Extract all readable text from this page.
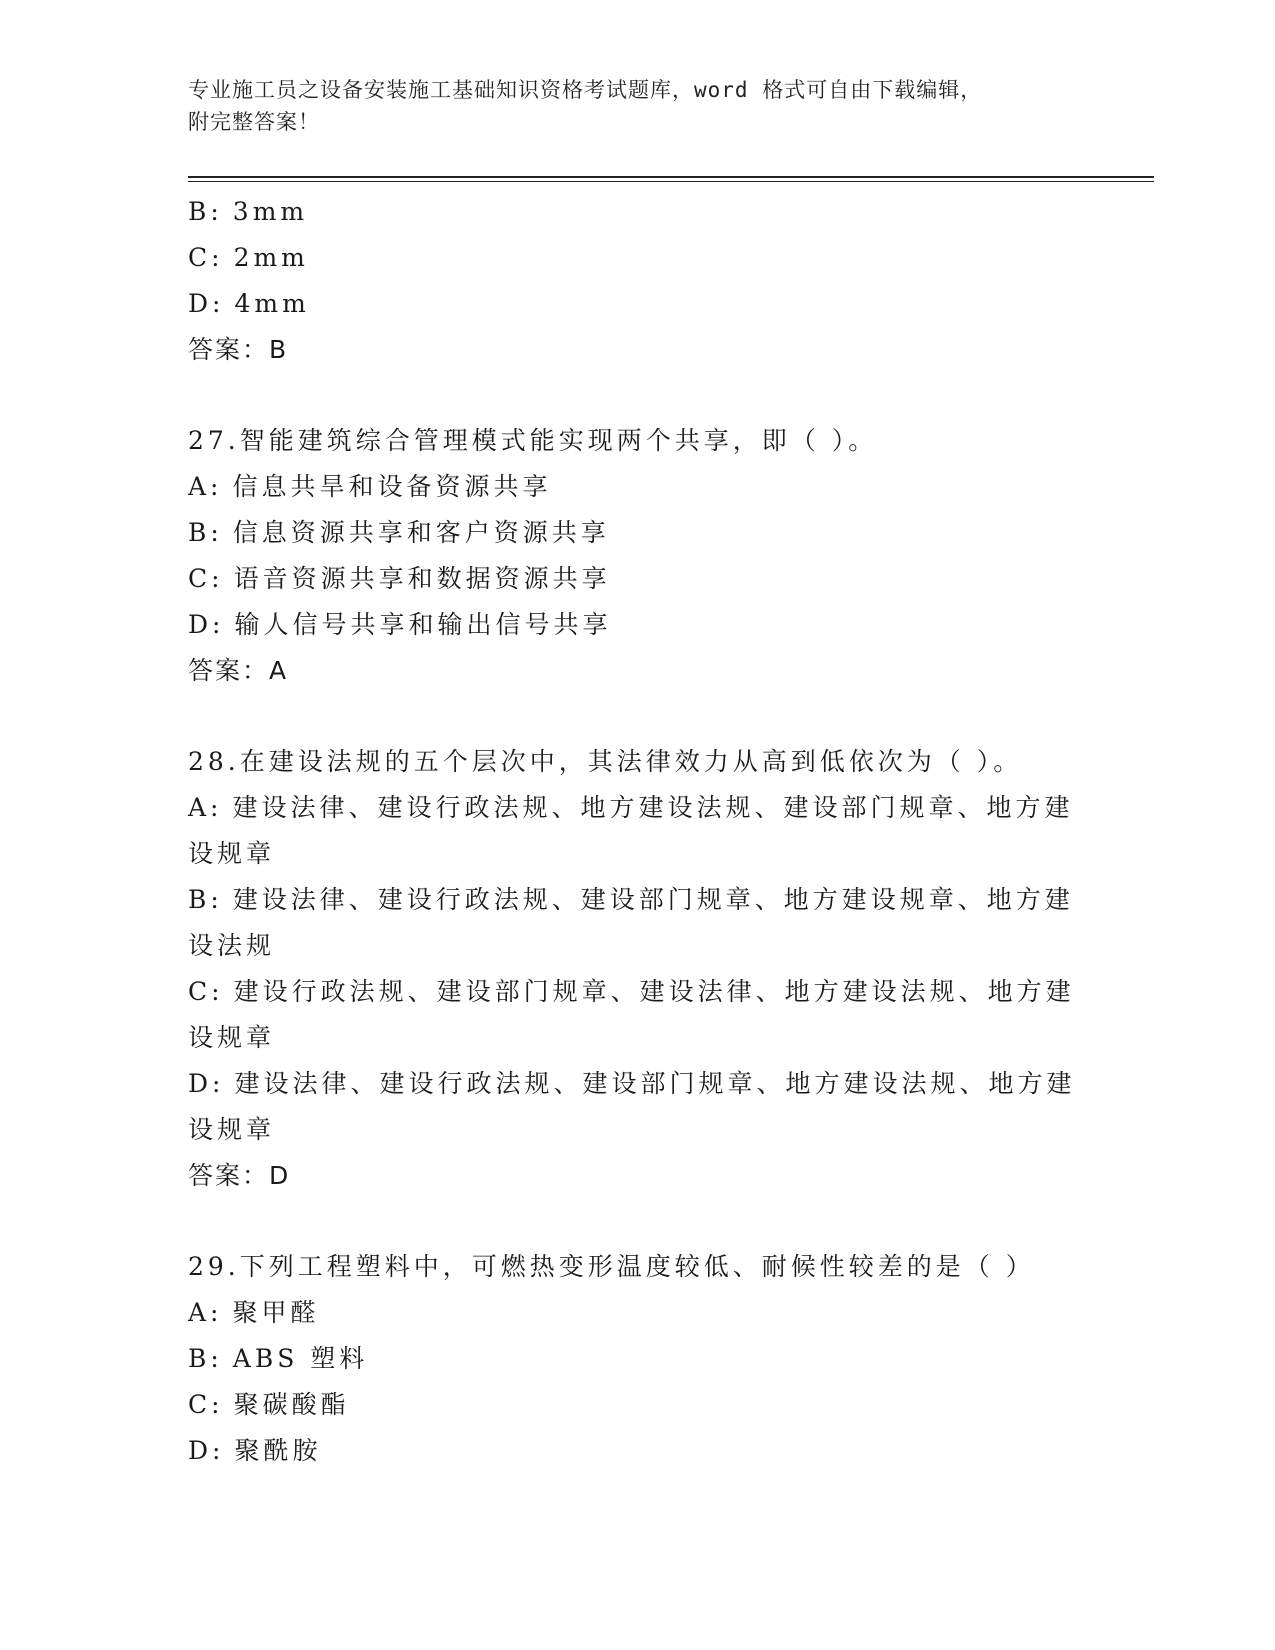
专业施工员之设备安装施工基础知识资格考试题库，word 格式可自由下载编辑，
附完整答案！
B: 3mm
C: 2mm
D: 4mm
答案：B
27.智能建筑综合管理模式能实现两个共享，即（ ）。
A: 信息共旱和设备资源共享
B: 信息资源共享和客户资源共享
C: 语音资源共享和数据资源共享
D: 输人信号共享和输出信号共享
答案：A
28.在建设法规的五个层次中，其法律效力从高到低依次为（ ）。
A: 建设法律、建设行政法规、地方建设法规、建设部门规章、地方建
设规章
B: 建设法律、建设行政法规、建设部门规章、地方建设规章、地方建
设法规
C: 建设行政法规、建设部门规章、建设法律、地方建设法规、地方建
设规章
D: 建设法律、建设行政法规、建设部门规章、地方建设法规、地方建
设规章
答案：D
29.下列工程塑料中，可燃热变形温度较低、耐候性较差的是（ ）
A: 聚甲醛
B: ABS 塑料
C: 聚碳酸酯
D: 聚酰胺
